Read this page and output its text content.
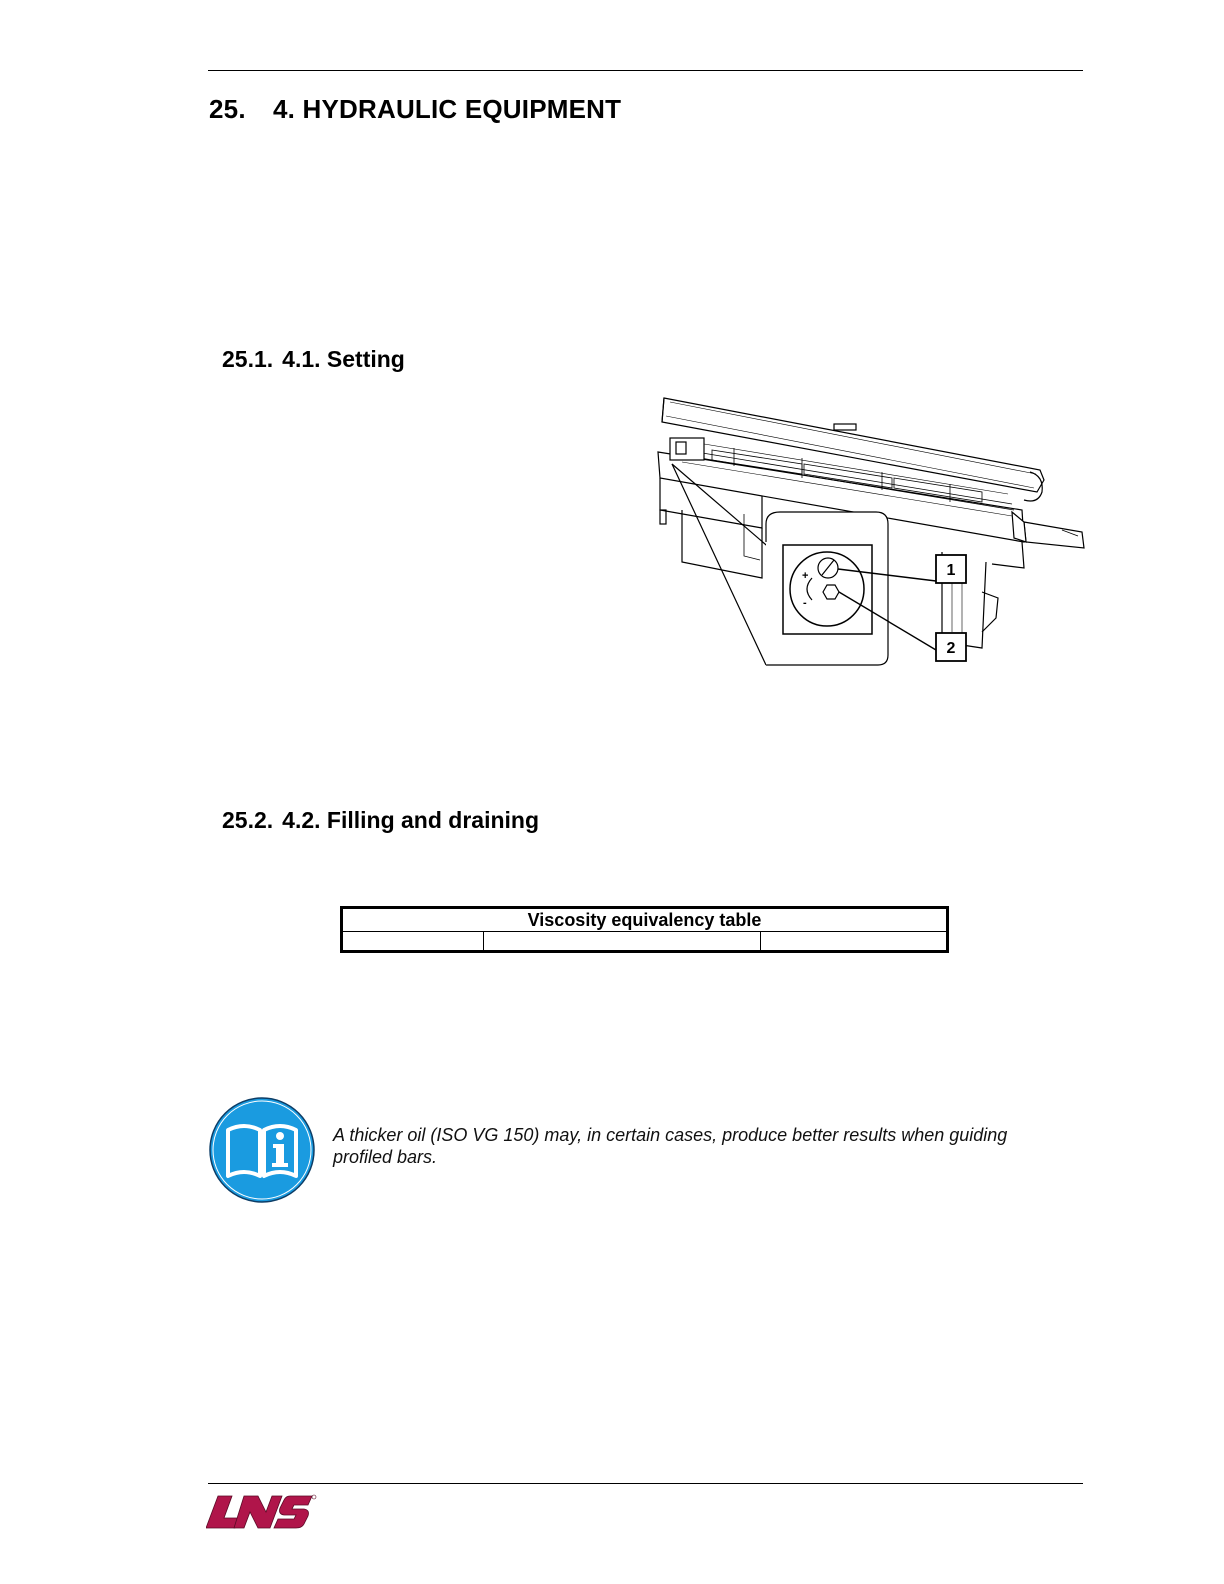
25. 4. HYDRAULIC EQUIPMENT
25.1. 4.1. Setting
+
-
1
2
25.2. 4.2. Filling and draining
Viscosity equivalency table

A thicker oil (ISO VG 150) may, in certain cases, produce better results when guiding profiled bars.
